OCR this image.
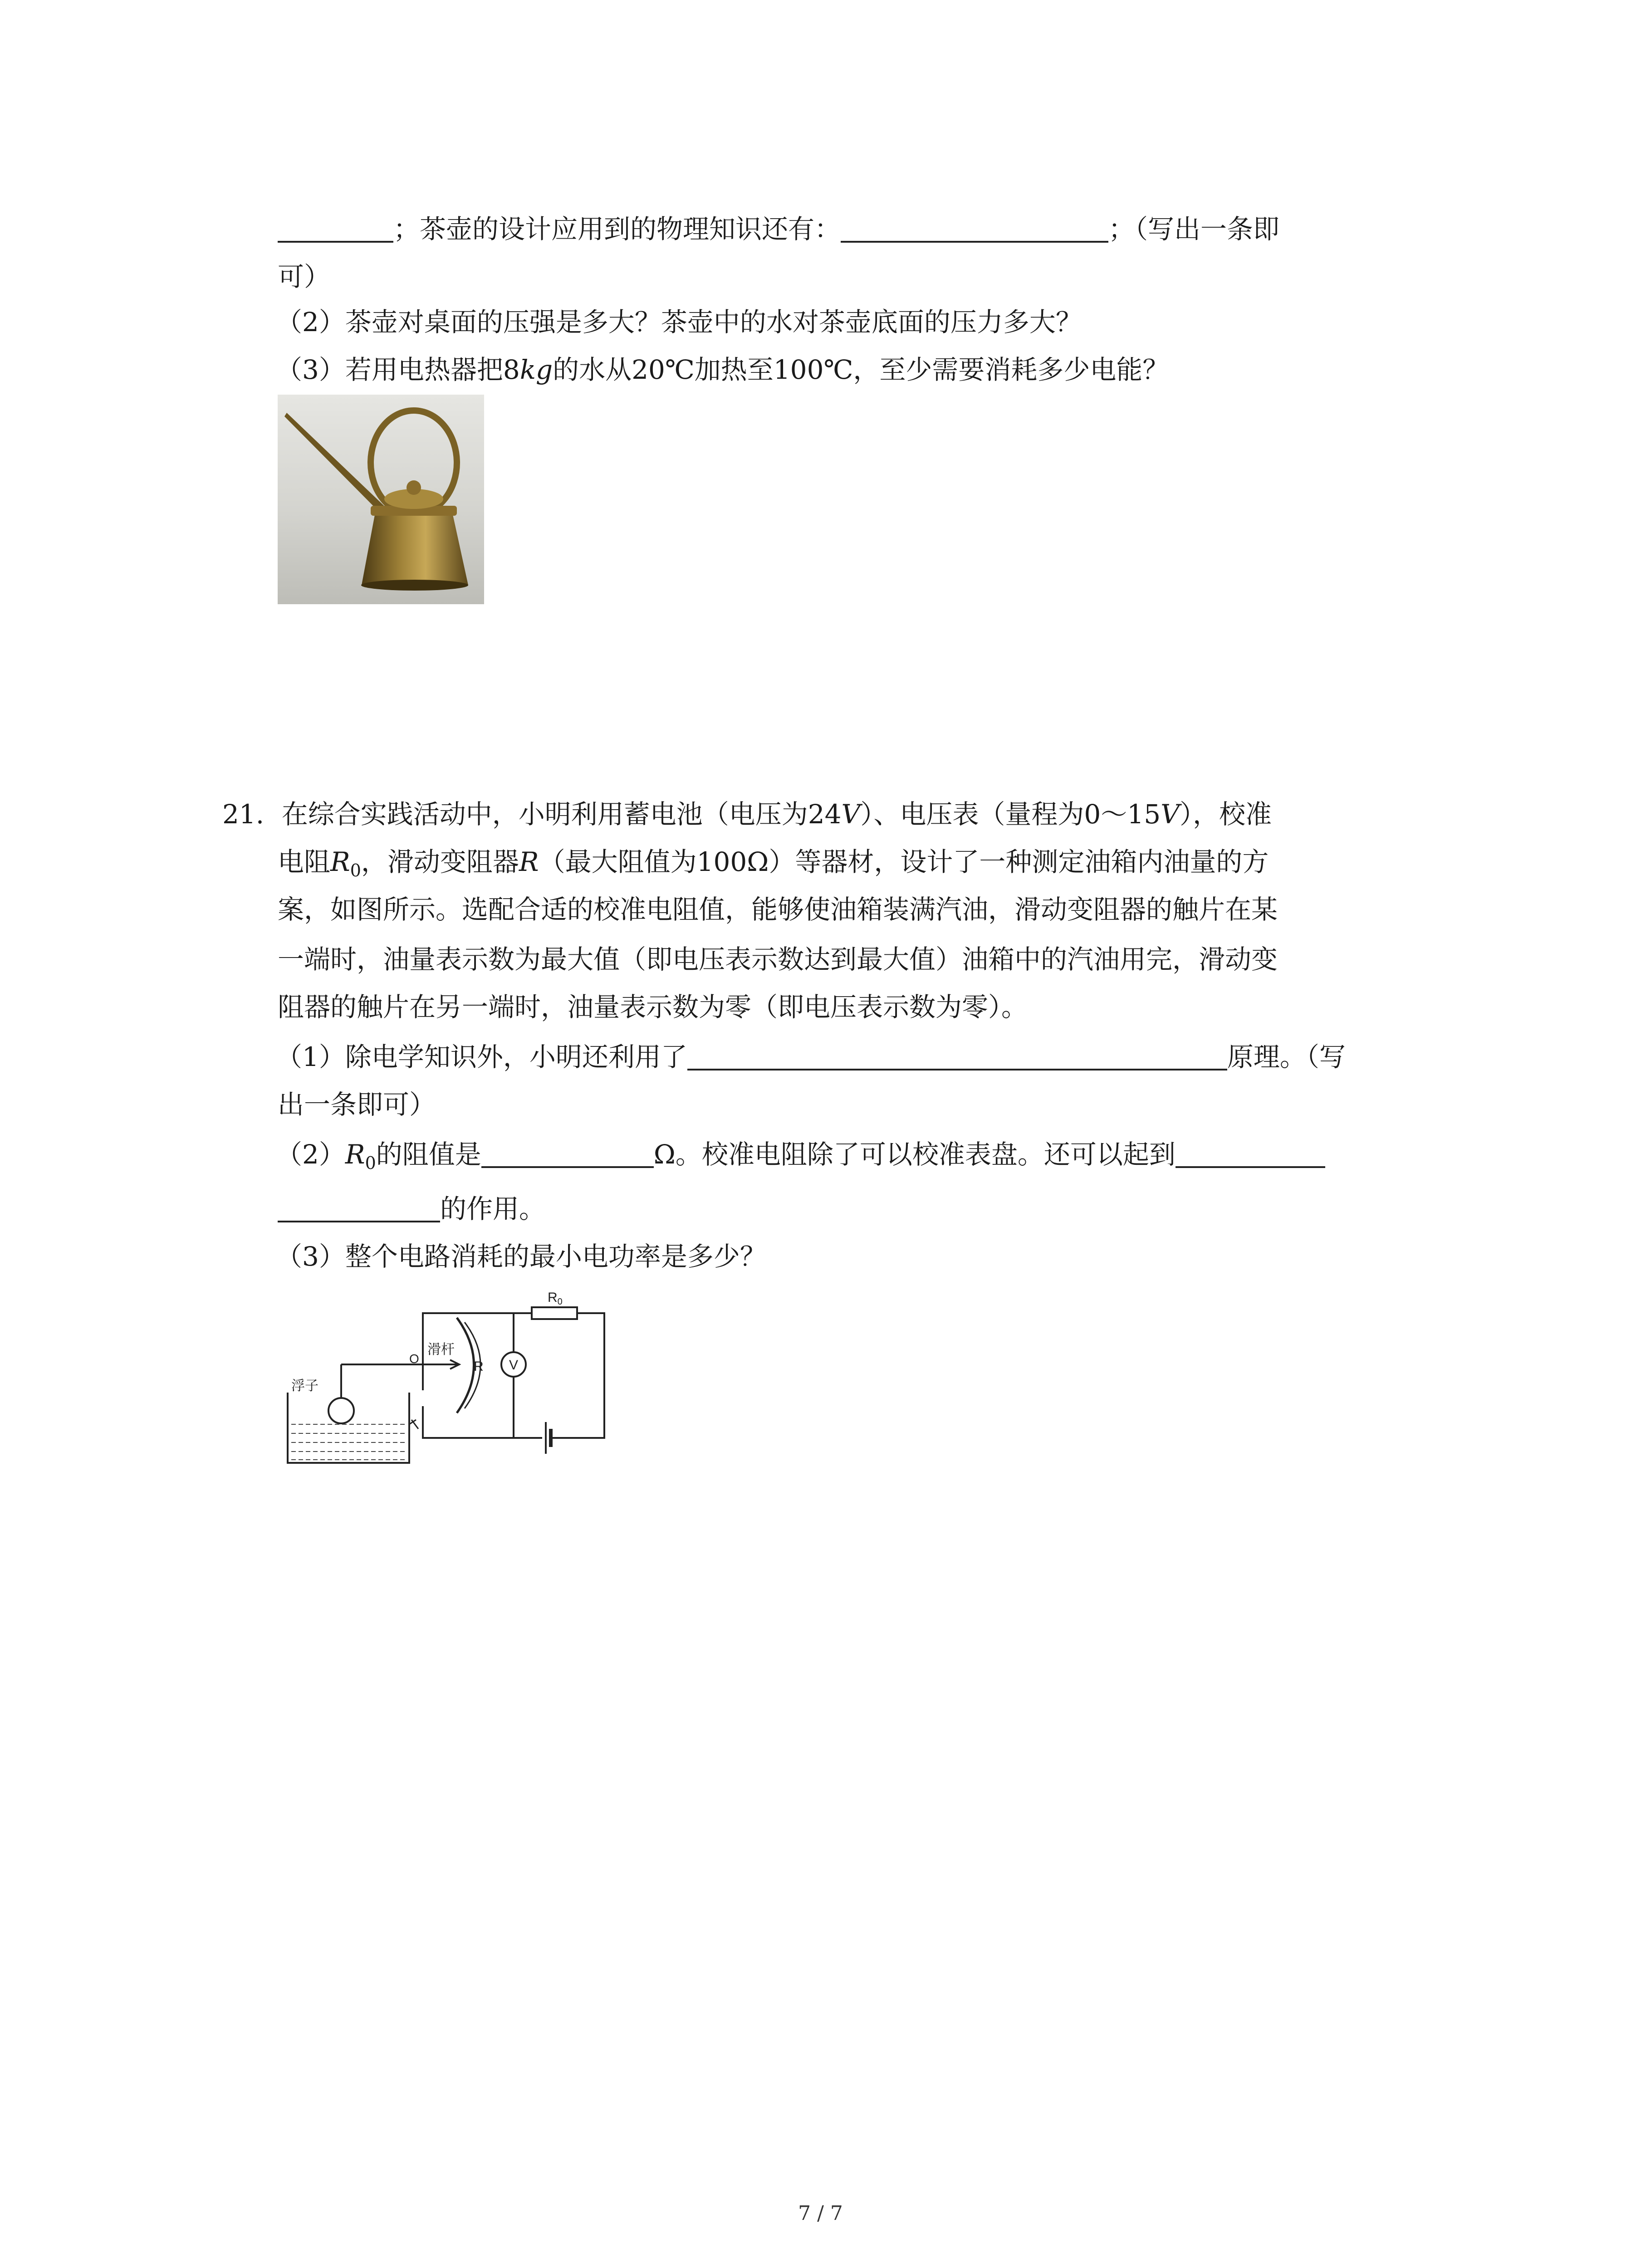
；茶壶的设计应用到的物理知识还有：	；（写出一条即
可）
（2）茶壶对桌面的压强是多大？茶壶中的水对茶壶底面的压力多大？
（3）若用电热器把8kg的水从20℃加热至100℃，至少需要消耗多少电能？
21. 在综合实践活动中，小明利用蓄电池（电压为24V）、电压表（量程为0～15V），校准
电阻$R_0$，滑动变阻器R（最大阻值为100Ω）等器材，设计了一种测定油箱内油量的方
案，如图所示。选配合适的校准电阻值，能够使油箱装满汽油，滑动变阻器的触片在某
一端时，油量表示数为最大值（即电压表示数达到最大值）油箱中的汽油用完，滑动变
阻器的触片在另一端时，油量表示数为零（即电压表示数为零）。
（1）除电学知识外，小明还利用了	原理。（写
出一条即可）
$(2)R_0$的阻值是	Ω。校准电阻除了可以校准表盘。还可以起到
的作用。
（3）整个电路消耗的最小电功率是多少？
$R_0$
滑杆
O
R V
浮子
7 / 7
